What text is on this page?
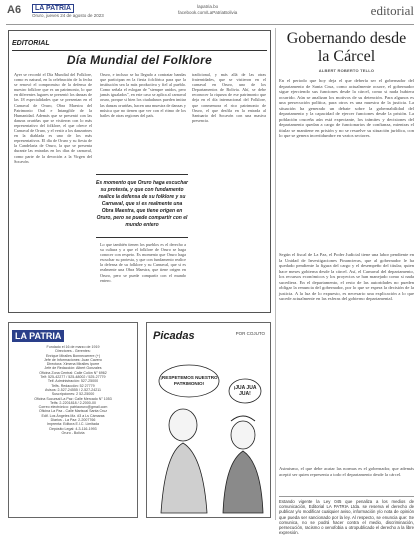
A6	LA PATRIA
Oruro, jueves 24 de agosto de 2023
lapatria.bo
facebook.com/LaPatriaBolivia	editorial
EDITORIAL
Día Mundial del Folklore
Ayer se recordó el Día Mundial del Folklore, como es natural, en la celebración de la fecha se renovó el compromiso de la defensa de nuestro folklore que es un patrimonio, lo que en diferentes lugares se presentó los danzas de las 18 especialidades que se presentan en el Carnaval de Oruro, Obra Maestra del Patrimonio Oral e Intangible de la Humanidad. Además que se presentó con las danzas oruriñas que se vistieron con lo más representativo del folklore, el que ofrece el Carnaval de Oruro, y el vestir a los danzarines en la diablada es uno de los más representativos. El día de Oruro y su fiesta de la Candelaria de Oruro, la que se presenta durante las entradas en los días de carnaval, como parte de la devoción a la Virgen del Socavón.
Oruro, e incluso se ha llegado a contratar bandas que participan en la fiesta folclórica para que la institución sea la más productiva y fiel al pueblo. Como señala el eslogan de "siempre unidos, pero jamás igualados", en este caso se aplica al carnaval oruro, porque si bien los ciudadanos pueden imitar las danzas oruriñas, hacen una muestra de danzas y música que no tienen que ver con el ritmo de los bailes de otras regiones del país.
tradicional, y más allá de las otras fraternidades, que se vistieron en el carnaval en Oruro, uno de los Departamentos de Bolivia. Ahí, se debe reconocer la riqueza de ese patrimonio que deja en el día internacional del Folklore, que conmemora el rico patrimonio de Oruro, el que desfila en la entrada al Santuario del Socavón con una masiva presencia.
Es momento que Oruro haga escuchar su protesta, y que con fundamento realice la defensa de su folklore y su Carnaval, que si es realmente una Obra Maestra, que tiene origen en Oruro, pero se puede compartir con el mundo entero
Lo que también tienen los pueblos es el derecho a su cultura y a que el folklore de Oruro se haga conocer con respeto. Es momento que Oruro haga escuchar su protesta, y que con fundamento realice la defensa de su folklore y su Carnaval, que si es realmente una Obra Maestra, que tiene origen en Oruro, pero se puede compartir con el mundo entero.
LA PATRIA
Fundado el 16 de marzo de 1919
Directores - Gerentes:
Enrique Miralles Bonnecarrere (+)
Jefe de Informaciones: Juan Cavero
Directora: Ximena Miralles Iporre
Jefe de Redacción: Albert Gonzales
Oficina Zona Central: Calle Colón N° 6962
Telf: 525-42277 / 525-48002 / 525-27779
Telf. Administración: 527-25000
Telfs. Redacción: 52 27779
Avisos: 2-527-24555 / 2-527-24211
Suscripciones: 2 52-25000
Oficina Sucursal La Paz: Calle Mercado N° 1053
Telfs: 2-2201818 / 2-2000-00
Correo electrónico: patriaoruro@gmail.com
Oficina La Paz - Calle Mariscal Santa Cruz
Edif. Los Ángeles Mz. #3 a Ls Cámaras
Diarios - La Paz: 2-2007766
Imprenta: Editora E.I.C. Limitada
Depósito Legal: 4-3-116-1993
Oruro - Bolivia
Picadas	POR COJUTO
¡RESPETEMOS NUESTRO PATRIMONIO!
¡JUA JUA JUA!
Gobernando desde la Cárcel
ALBERT ROBERTO TELLO
En el periodo que hoy deja el que debería ser el gobernador del departamento de Santa Cruz, como actualmente ocurre, el gobernador sigue ejerciendo sus funciones desde la cárcel, como si nada hubiera ocurrido. Aún se analizan los motivos de su detención. Para algunos es una persecución política, para otros es una muestra de la justicia. La situación ha generado un debate sobre la gobernabilidad del departamento y la capacidad de ejercer funciones desde la prisión. La población cruceña aún está expectante, los trámites y decisiones del departamento quedan a cargo de funcionarios de confianza, mientras el titular se mantiene en prisión y no se resuelve su situación jurídica, con lo que se genera incertidumbre en varios sectores.
Según el fiscal de La Paz, el Poder Judicial tiene una labor pendiente en la Unidad de Investigaciones Financieras, que al gobernador le ha quedado pendiente la figura del cargo y el desempeño del titular, quien hace meses gobierna desde la cárcel. Así, el Carnaval del departamento, los recursos económicos y los proyectos se han manejado como si nada sucediera. En el departamento, el resto de las autoridades no pueden obligar la renuncia del gobernador, por lo que se espera la decisión de la justicia. A la luz de lo expuesto, es necesario una explicación a lo que sucede actualmente en las esferas del gobierno departamental.
Asimismo, el que debe acatar las normas es el gobernador, que además aceptó ser quien representa a todo el departamento desde la cárcel.
Estando vigente la Ley 045 que penaliza a los medios de comunicación, Editorial LA PATRIA Ltda. se reserva el derecho de publicar y/o modificar cualquier aviso, información y/o nota de opinión que pueda ser sancionado por la ley. Al respecto, se enuncia que: Se comunica, no se podrá hacer contra el medio, discriminación, persecución, racismo o xenofobia u otropublicado el derecho a la libre expresión.
